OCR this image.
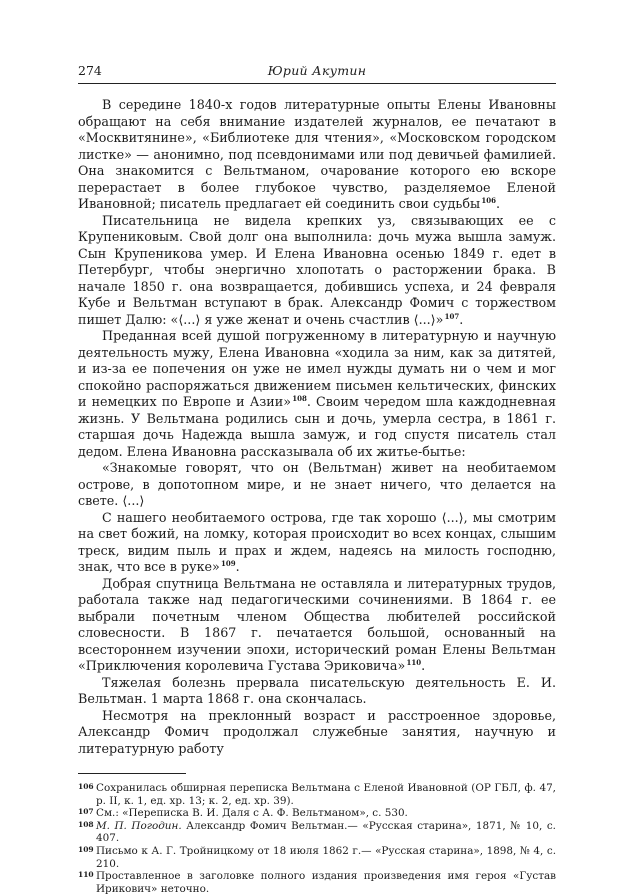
274	Юрий Акутин

В середине 1840-х годов литературные опыты Елены Ивановны обращают на себя внимание издателей журналов, ее печатают в «Москвитянине», «Библиотеке для чтения», «Московском городском листке» — анонимно, под псевдонимами или под девичьей фамилией. Она знакомится с Вельтманом, очарование которого ею вскоре перерастает в более глубокое чувство, разделяемое Еленой Ивановной; писатель предлагает ей соединить свои судьбы $^{106}$.

Писательница не видела крепких уз, связывающих ее с Крупениковым. Свой долг она выполнила: дочь мужа вышла замуж. Сын Крупеникова умер. И Елена Ивановна осенью 1849 г. едет в Петербург, чтобы энергично хлопотать о расторжении брака. В начале 1850 г. она возвращается, добившись успеха, и 24 февраля Кубе и Вельтман вступают в брак. Александр Фомич с торжеством пишет Далю: «⟨...⟩ я уже женат и очень счастлив ⟨...⟩» $^{107}$.

Преданная всей душой погруженному в литературную и научную деятельность мужу, Елена Ивановна «ходила за ним, как за дитятей, и из-за ее попечения он уже не имел нужды думать ни о чем и мог спокойно распоряжаться движением письмен кельтических, финских и немецких по Европе и Азии» $^{108}$. Своим чередом шла каждодневная жизнь. У Вельтмана родились сын и дочь, умерла сестра, в 1861 г. старшая дочь Надежда вышла замуж, и год спустя писатель стал дедом. Елена Ивановна рассказывала об их житье-бытье:

«Знакомые говорят, что он ⟨Вельтман⟩ живет на необитаемом острове, в допотопном мире, и не знает ничего, что делается на свете. ⟨...⟩

С нашего необитаемого острова, где так хорошо ⟨...⟩, мы смотрим на свет божий, на ломку, которая происходит во всех концах, слышим треск, видим пыль и прах и ждем, надеясь на милость господню, знак, что все в руке» $^{109}$.

Добрая спутница Вельтмана не оставляла и литературных трудов, работала также над педагогическими сочинениями. В 1864 г. ее выбрали почетным членом Общества любителей российской словесности. В 1867 г. печатается большой, основанный на всестороннем изучении эпохи, исторический роман Елены Вельтман «Приключения королевича Густава Эриковича» $^{110}$.

Тяжелая болезнь прервала писательскую деятельность Е. И. Вельтман. 1 марта 1868 г. она скончалась.

Несмотря на преклонный возраст и расстроенное здоровье, Александр Фомич продолжал служебные занятия, научную и литературную работу

106 Сохранилась обширная переписка Вельтмана с Еленой Ивановной (ОР ГБЛ, ф. 47, р. II, к. 1, ед. хр. 13; к. 2, ед. хр. 39).
107 См.: «Переписка В. И. Даля с А. Ф. Вельтманом», с. 530.
108 М. П. Погодин. Александр Фомич Вельтман.— «Русская старина», 1871, № 10, с. 407.
109 Письмо к А. Г. Тройницкому от 18 июля 1862 г.— «Русская старина», 1898, № 4, с. 210.
110 Проставленное в заголовке полного издания произведения имя героя «Густав Ирикович» неточно.
